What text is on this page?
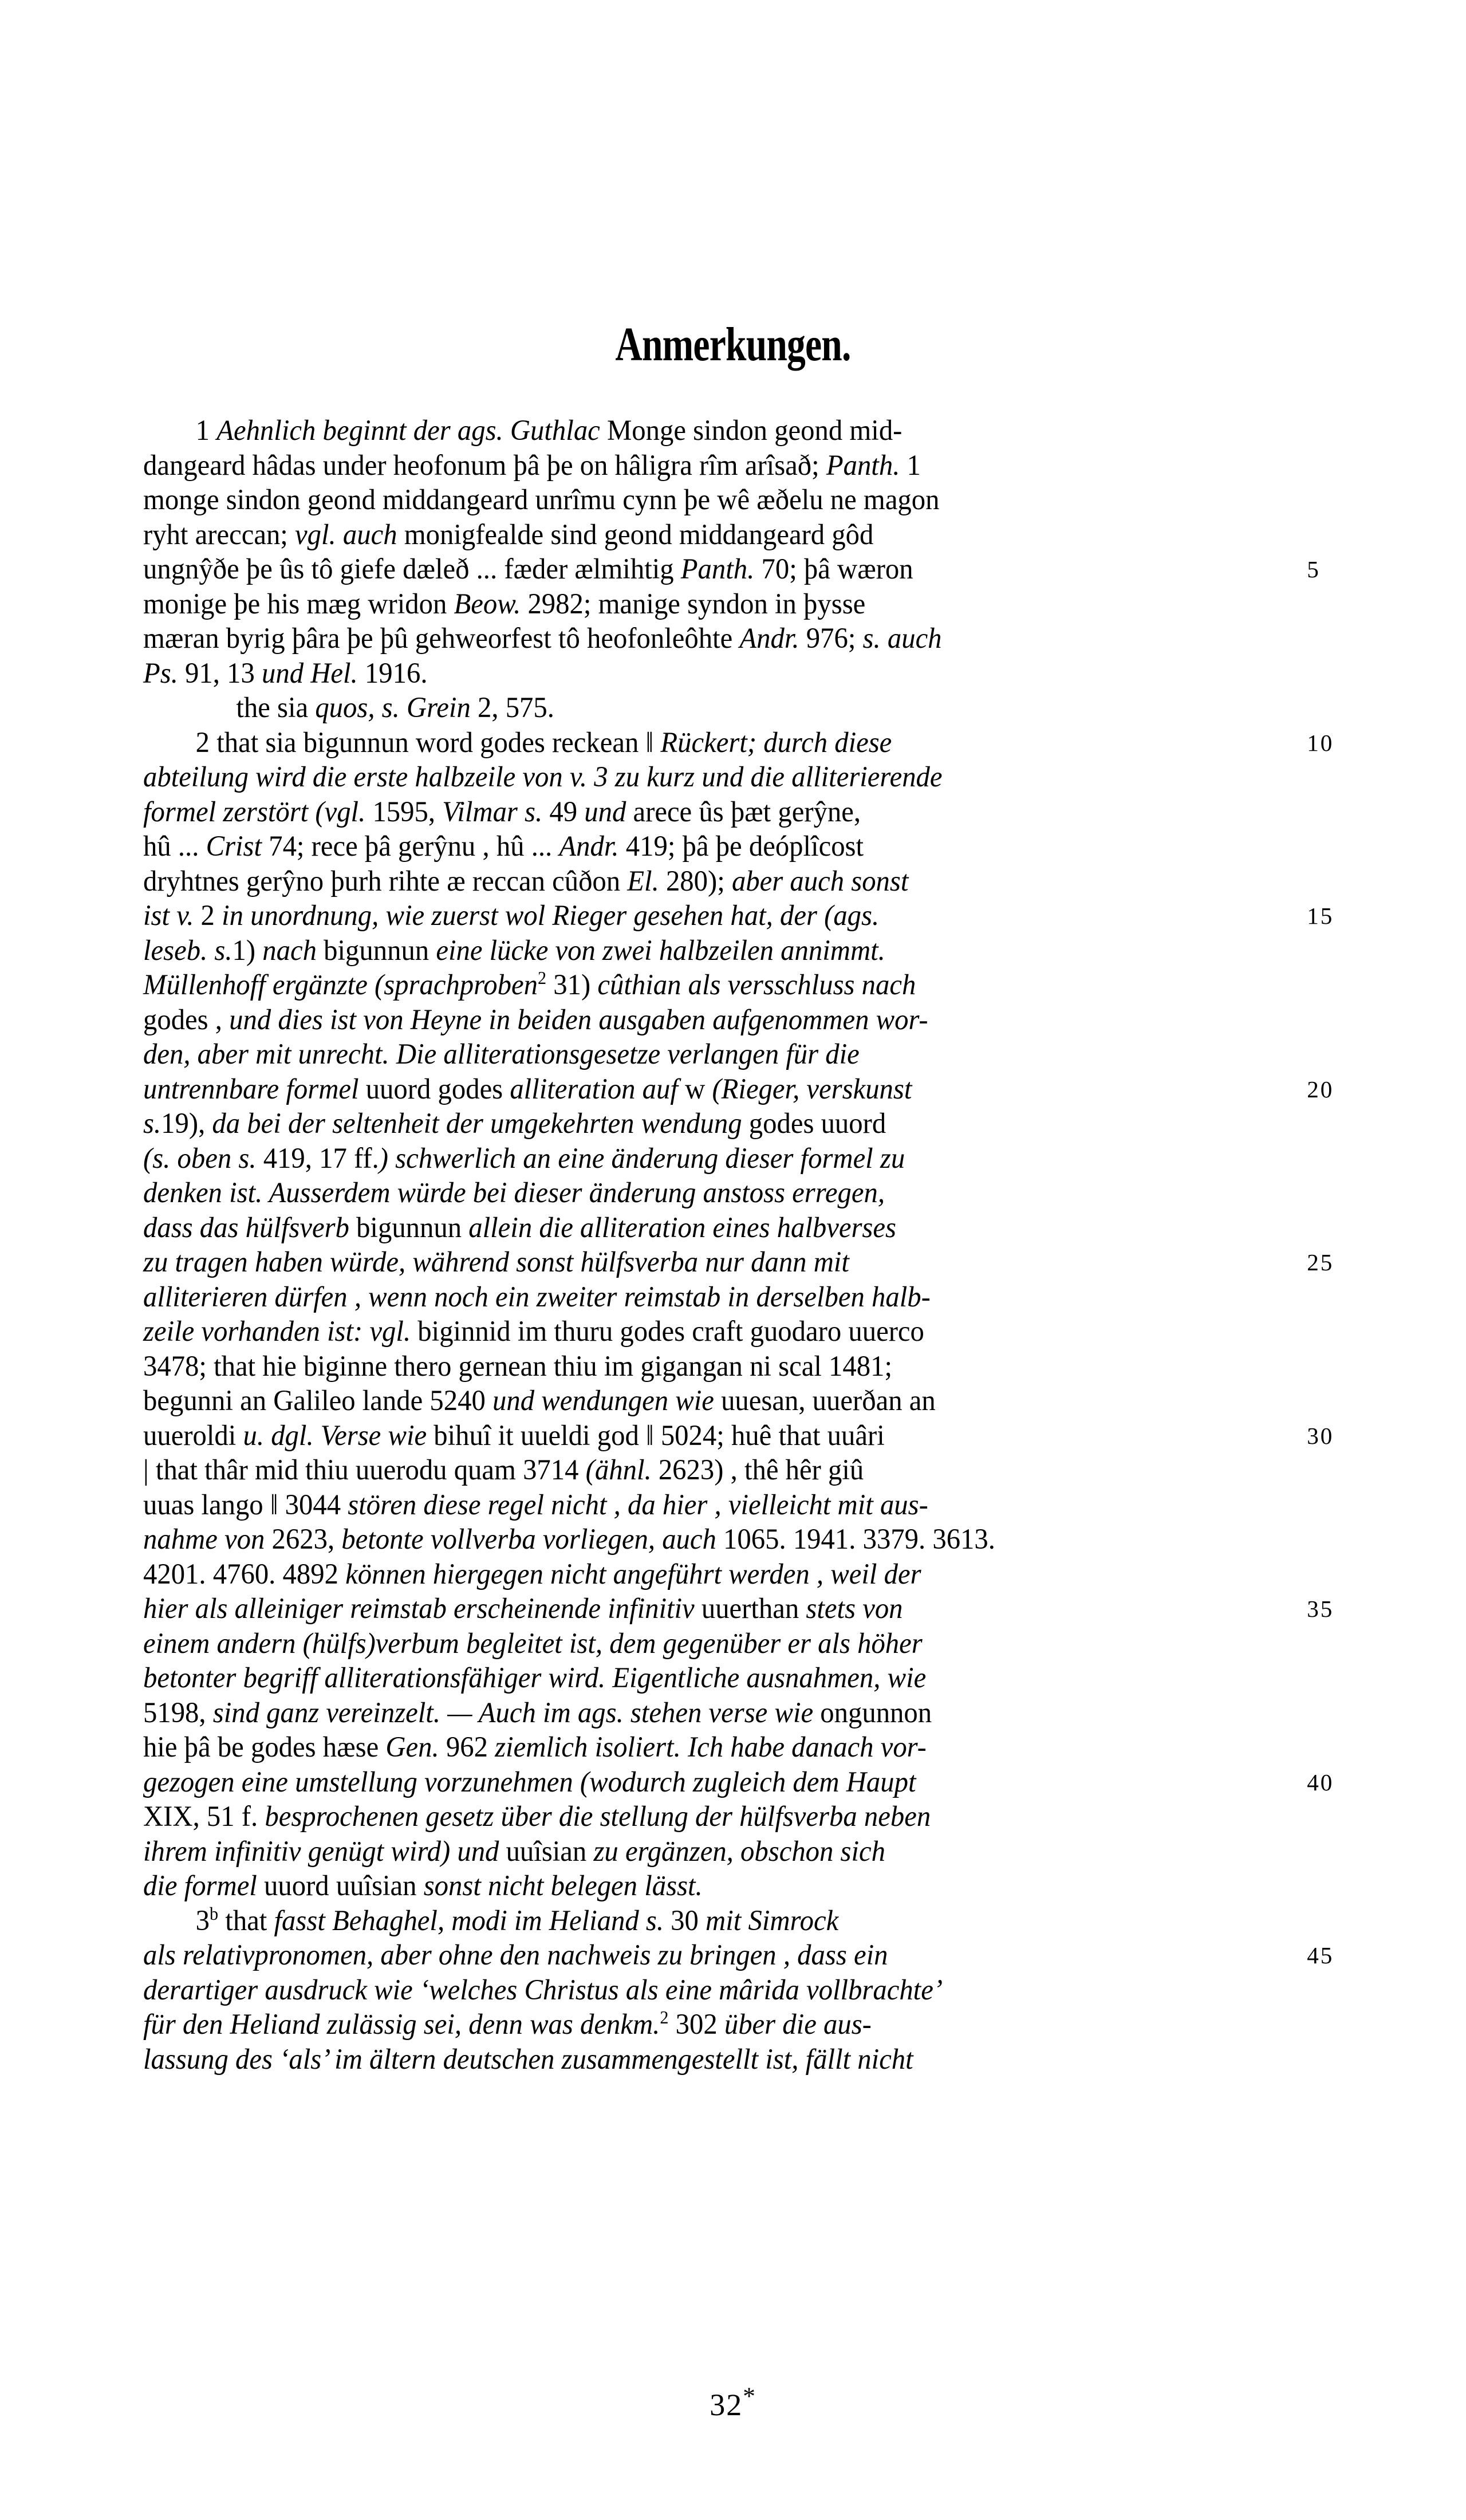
Anmerkungen.
1 Aehnlich beginnt der ags. Guthlac Monge sindon geond mid-
dangeard hâdas under heofonum þâ þe on hâligra rîm arîsað; Panth. 1
monge sindon geond middangeard unrîmu cynn þe wê æðelu ne magon
ryht areccan; vgl. auch monigfealde sind geond middangeard gôd
ungnŷðe þe ûs tô giefe dæleð ... fæder ælmihtig Panth. 70; þâ wæron	5
monige þe his mæg wridon Beow. 2982; manige syndon in þysse
mæran byrig þâra þe þû gehweorfest tô heofonleôhte Andr. 976; s. auch
Ps. 91, 13 und Hel. 1916.
the sia quos, s. Grein 2, 575.
2 that sia bigunnun word godes reckean ‖ Rückert; durch diese	10
abteilung wird die erste halbzeile von v. 3 zu kurz und die alliterierende
formel zerstört (vgl. 1595, Vilmar s. 49 und arece ûs þæt gerŷne,
hû ... Crist 74; rece þâ gerŷnu , hû ... Andr. 419; þâ þe deóplîcost
dryhtnes gerŷno þurh rihte æ reccan cûðon El. 280); aber auch sonst
ist v. 2 in unordnung, wie zuerst wol Rieger gesehen hat, der (ags.	15
leseb. s.1) nach bigunnun eine lücke von zwei halbzeilen annimmt.
Müllenhoff ergänzte (sprachproben$^2$ 31) cûthian als versschluss nach
godes , und dies ist von Heyne in beiden ausgaben aufgenommen wor-
den, aber mit unrecht. Die alliterationsgesetze verlangen für die
untrennbare formel uuord godes alliteration auf w (Rieger, verskunst	20
s.19), da bei der seltenheit der umgekehrten wendung godes uuord
(s. oben s. 419, 17 ff.) schwerlich an eine änderung dieser formel zu
denken ist. Ausserdem würde bei dieser änderung anstoss erregen,
dass das hülfsverb bigunnun allein die alliteration eines halbverses
zu tragen haben würde, während sonst hülfsverba nur dann mit	25
alliterieren dürfen , wenn noch ein zweiter reimstab in derselben halb-
zeile vorhanden ist: vgl. biginnid im thuru godes craft guodaro uuerco
3478; that hie biginne thero gernean thiu im gigangan ni scal 1481;
begunni an Galileo lande 5240 und wendungen wie uuesan, uuerðan an
uueroldi u. dgl. Verse wie bihuî it uueldi god ‖ 5024; huê that uuâri	30
| that thâr mid thiu uuerodu quam 3714 (ähnl. 2623) , thê hêr giû
uuas lango ‖ 3044 stören diese regel nicht , da hier , vielleicht mit aus-
nahme von 2623, betonte vollverba vorliegen, auch 1065. 1941. 3379. 3613.
4201. 4760. 4892 können hiergegen nicht angeführt werden , weil der
hier als alleiniger reimstab erscheinende infinitiv uuerthan stets von	35
einem andern (hülfs)verbum begleitet ist, dem gegenüber er als höher
betonter begriff alliterationsfähiger wird. Eigentliche ausnahmen, wie
5198, sind ganz vereinzelt. — Auch im ags. stehen verse wie ongunnon
hie þâ be godes hæse Gen. 962 ziemlich isoliert. Ich habe danach vor-
gezogen eine umstellung vorzunehmen (wodurch zugleich dem Haupt	40
XIX, 51 f. besprochenen gesetz über die stellung der hülfsverba neben
ihrem infinitiv genügt wird) und uuîsian zu ergänzen, obschon sich
die formel uuord uuîsian sonst nicht belegen lässt.
3$^b$ that fasst Behaghel, modi im Heliand s. 30 mit Simrock
als relativpronomen, aber ohne den nachweis zu bringen , dass ein	45
derartiger ausdruck wie ‘welches Christus als eine mârida vollbrachte’
für den Heliand zulässig sei, denn was denkm.$^2$ 302 über die aus-
lassung des ‘als’ im ältern deutschen zusammengestellt ist, fällt nicht
32*
